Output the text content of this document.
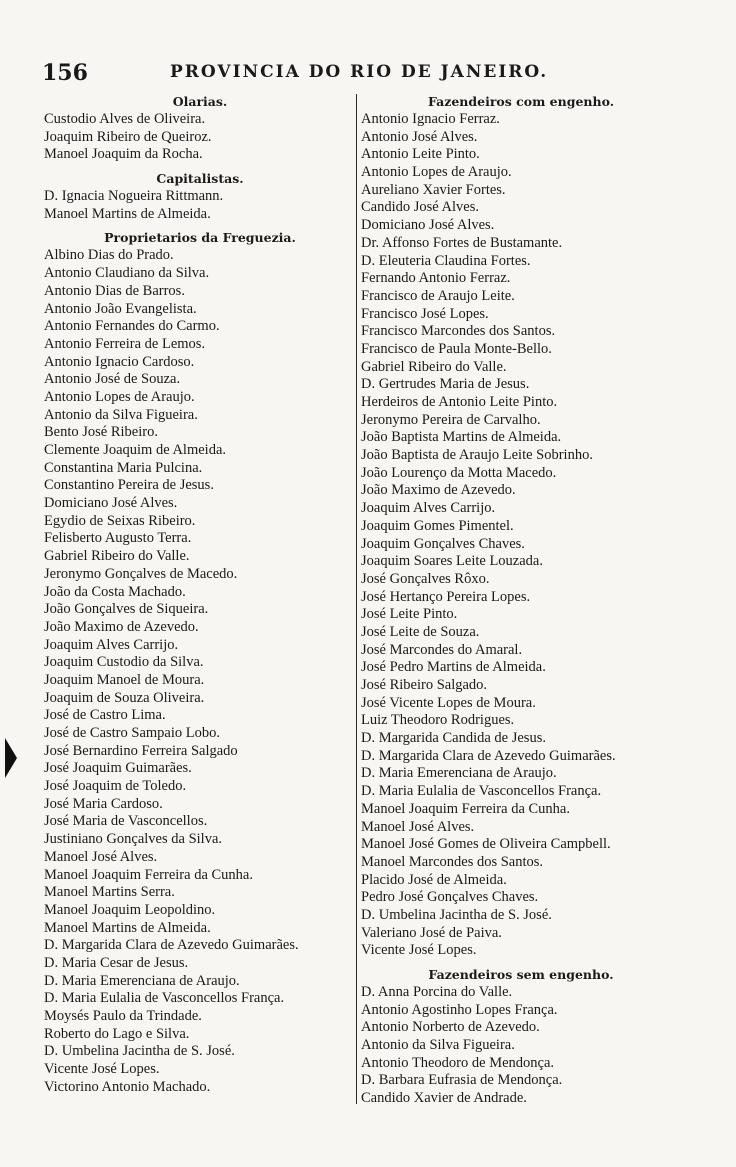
156	PROVINCIA DO RIO DE JANEIRO.
Olarias.
Custodio Alves de Oliveira.
Joaquim Ribeiro de Queiroz.
Manoel Joaquim da Rocha.
Capitalistas.
D. Ignacia Nogueira Rittmann.
Manoel Martins de Almeida.
Proprietarios da Freguezia.
Albino Dias do Prado.
Antonio Claudiano da Silva.
Antonio Dias de Barros.
Antonio João Evangelista.
Antonio Fernandes do Carmo.
Antonio Ferreira de Lemos.
Antonio Ignacio Cardoso.
Antonio José de Souza.
Antonio Lopes de Araujo.
Antonio da Silva Figueira.
Bento José Ribeiro.
Clemente Joaquim de Almeida.
Constantina Maria Pulcina.
Constantino Pereira de Jesus.
Domiciano José Alves.
Egydio de Seixas Ribeiro.
Felisberto Augusto Terra.
Gabriel Ribeiro do Valle.
Jeronymo Gonçalves de Macedo.
João da Costa Machado.
João Gonçalves de Siqueira.
João Maximo de Azevedo.
Joaquim Alves Carrijo.
Joaquim Custodio da Silva.
Joaquim Manoel de Moura.
Joaquim de Souza Oliveira.
José de Castro Lima.
José de Castro Sampaio Lobo.
José Bernardino Ferreira Salgado
José Joaquim Guimarães.
José Joaquim de Toledo.
José Maria Cardoso.
José Maria de Vasconcellos.
Justiniano Gonçalves da Silva.
Manoel José Alves.
Manoel Joaquim Ferreira da Cunha.
Manoel Martins Serra.
Manoel Joaquim Leopoldino.
Manoel Martins de Almeida.
D. Margarida Clara de Azevedo Guimarães.
D. Maria Cesar de Jesus.
D. Maria Emerenciana de Araujo.
D. Maria Eulalia de Vasconcellos França.
Moysés Paulo da Trindade.
Roberto do Lago e Silva.
D. Umbelina Jacintha de S. José.
Vicente José Lopes.
Victorino Antonio Machado.
Fazendeiros com engenho.
Antonio Ignacio Ferraz.
Antonio José Alves.
Antonio Leite Pinto.
Antonio Lopes de Araujo.
Aureliano Xavier Fortes.
Candido José Alves.
Domiciano José Alves.
Dr. Affonso Fortes de Bustamante.
D. Eleuteria Claudina Fortes.
Fernando Antonio Ferraz.
Francisco de Araujo Leite.
Francisco José Lopes.
Francisco Marcondes dos Santos.
Francisco de Paula Monte-Bello.
Gabriel Ribeiro do Valle.
D. Gertrudes Maria de Jesus.
Herdeiros de Antonio Leite Pinto.
Jeronymo Pereira de Carvalho.
João Baptista Martins de Almeida.
João Baptista de Araujo Leite Sobrinho.
João Lourenço da Motta Macedo.
João Maximo de Azevedo.
Joaquim Alves Carrijo.
Joaquim Gomes Pimentel.
Joaquim Gonçalves Chaves.
Joaquim Soares Leite Louzada.
José Gonçalves Rôxo.
José Hertanço Pereira Lopes.
José Leite Pinto.
José Leite de Souza.
José Marcondes do Amaral.
José Pedro Martins de Almeida.
José Ribeiro Salgado.
José Vicente Lopes de Moura.
Luiz Theodoro Rodrigues.
D. Margarida Candida de Jesus.
D. Margarida Clara de Azevedo Guimarães.
D. Maria Emerenciana de Araujo.
D. Maria Eulalia de Vasconcellos França.
Manoel Joaquim Ferreira da Cunha.
Manoel José Alves.
Manoel José Gomes de Oliveira Campbell.
Manoel Marcondes dos Santos.
Placido José de Almeida.
Pedro José Gonçalves Chaves.
D. Umbelina Jacintha de S. José.
Valeriano José de Paiva.
Vicente José Lopes.
Fazendeiros sem engenho.
D. Anna Porcina do Valle.
Antonio Agostinho Lopes França.
Antonio Norberto de Azevedo.
Antonio da Silva Figueira.
Antonio Theodoro de Mendonça.
D. Barbara Eufrasia de Mendonça.
Candido Xavier de Andrade.
